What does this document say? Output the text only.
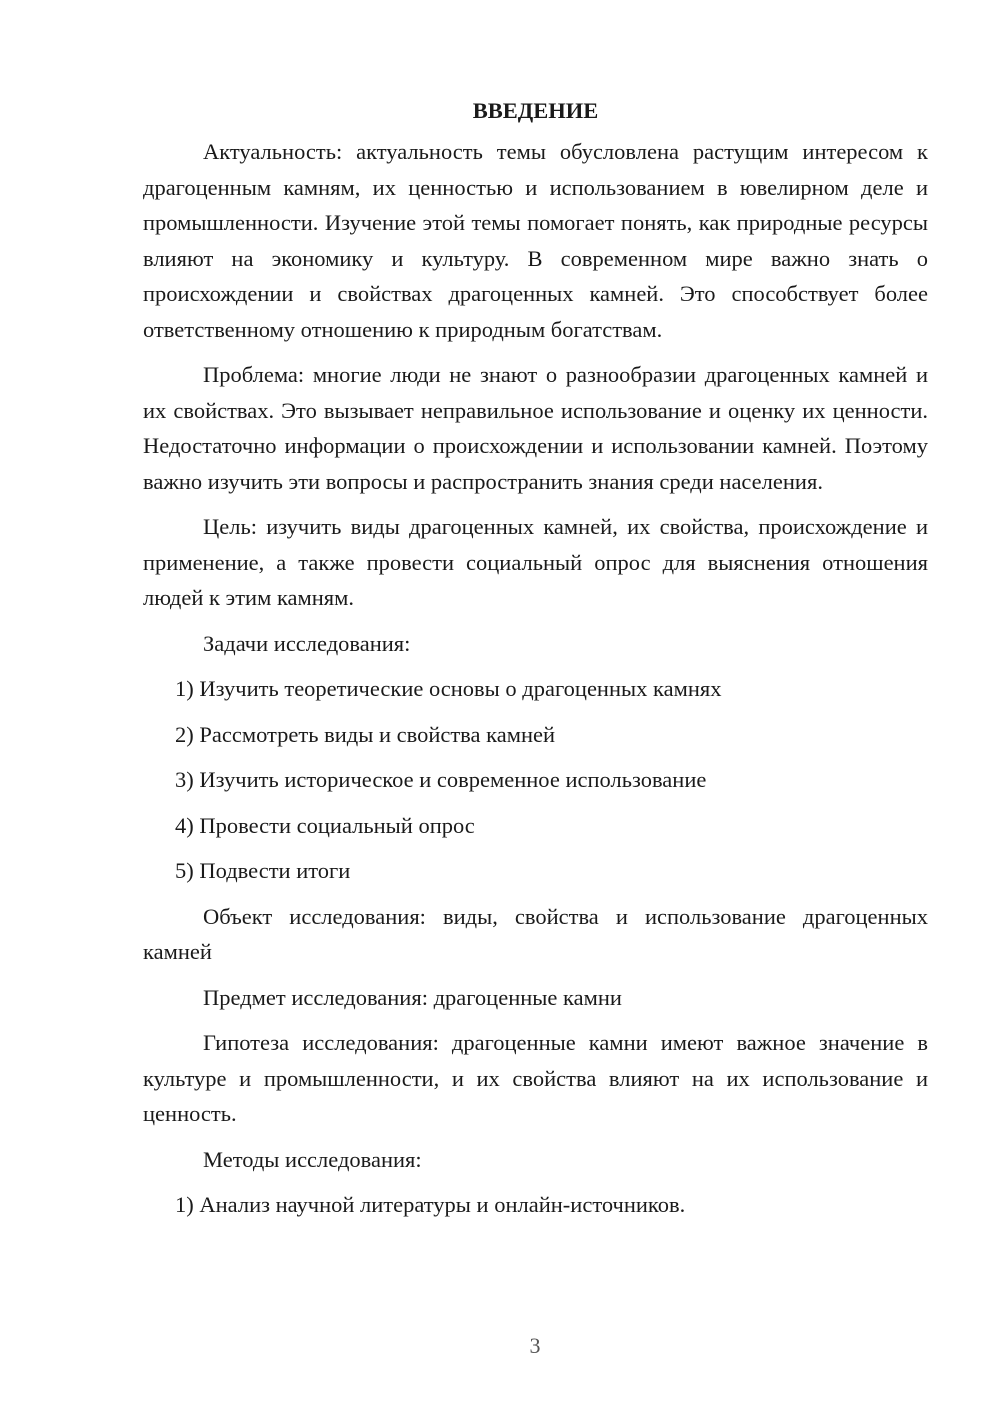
ВВЕДЕНИЕ

Актуальность: актуальность темы обусловлена растущим интересом к драгоценным камням, их ценностью и использованием в ювелирном деле и промышленности. Изучение этой темы помогает понять, как природные ресурсы влияют на экономику и культуру. В современном мире важно знать о происхождении и свойствах драгоценных камней. Это способствует более ответственному отношению к природным богатствам.

Проблема: многие люди не знают о разнообразии драгоценных камней и их свойствах. Это вызывает неправильное использование и оценку их ценности. Недостаточно информации о происхождении и использовании камней. Поэтому важно изучить эти вопросы и распространить знания среди населения.

Цель: изучить виды драгоценных камней, их свойства, происхождение и применение, а также провести социальный опрос для выяснения отношения людей к этим камням.

Задачи исследования:

1) Изучить теоретические основы о драгоценных камнях
2) Рассмотреть виды и свойства камней
3) Изучить историческое и современное использование
4) Провести социальный опрос
5) Подвести итоги

Объект исследования: виды, свойства и использование драгоценных камней

Предмет исследования: драгоценные камни

Гипотеза исследования: драгоценные камни имеют важное значение в культуре и промышленности, и их свойства влияют на их использование и ценность.

Методы исследования:

1) Анализ научной литературы и онлайн-источников.
3
